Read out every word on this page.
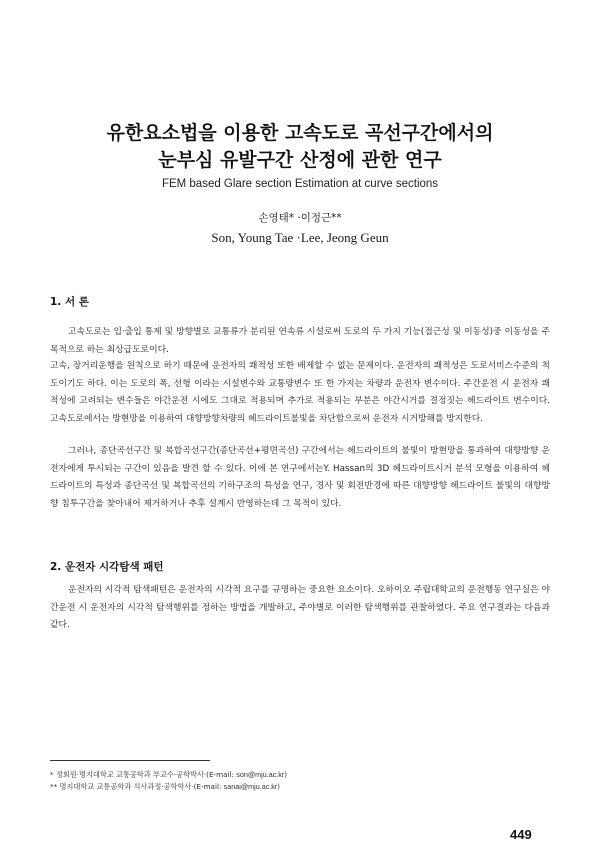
유한요소법을 이용한 고속도로 곡선구간에서의
눈부심 유발구간 산정에 관한 연구
FEM based Glare section Estimation at curve sections
손영태* ·이정근**
Son, Young Tae ·Lee, Jeong Geun
1. 서 론

고속도로는 입·출입 통제 및 방향별로 교통류가 분리된 연속류 시설로써 도로의 두 가지 기능(접근성 및 이동성)중 이동성을 주목적으로 하는 최상급도로이다.

고속, 장거리운행을 원칙으로 하기 때문에 운전자의 쾌적성 또한 배제할 수 없는 문제이다. 운전자의 쾌적성은 도로서비스수준의 척도이기도 하다. 이는 도로의 폭, 선형 이라는 시설변수와 교통량변수 또 한 가지는 차량과 운전자 변수이다. 주간운전 시 운전자 쾌적성에 고려되는 변수들은 야간운전 시에도 그대로 적용되며 추가로 적용되는 부분은 야간시거를 결정짓는 헤드라이트 변수이다. 고속도로에서는 방현망을 이용하여 대향방향차량의 헤드라이트불빛을 차단함으로써 운전자 시거방해를 방지한다.

그러나, 종단곡선구간 및 복합곡선구간(종단곡선+평면곡선) 구간에서는 헤드라이트의 불빛이 방현망을 통과하여 대향방향 운전자에게 투시되는 구간이 있음을 발견 할 수 있다. 이에 본 연구에서는Y. Hassan의 3D 헤드라이트시거 분석 모형을 이용하여 헤드라이트의 특성과 종단곡선 및 복합곡선의 기하구조의 특성을 연구, 경사 및 회전반경에 따른 대향방향 헤드라이트 불빛의 대향방향 침투구간을 찾아내어 제거하거나 추후 설계시 반영하는데 그 목적이 있다.

2. 운전자 시각탐색 패턴

운전자의 시각적 탐색패턴은 운전자의 시각적 요구를 규명하는 중요한 요소이다. 오하이오 주립대학교의 운전행동 연구실은 야간운전 시 운전자의 시각적 탐색행위를 정하는 방법을 개발하고, 주야별로 이러한 탐색행위를 관찰하였다. 주요 연구결과는 다음과 같다.

* 정회원·명지대학교 교통공학과 부교수·공학박사·(E-mail: son@mju.ac.kr)
** 명지대학교 교통공학과 석사과정·공학학사·(E-mail: sanai@mju.ac.kr)
449
